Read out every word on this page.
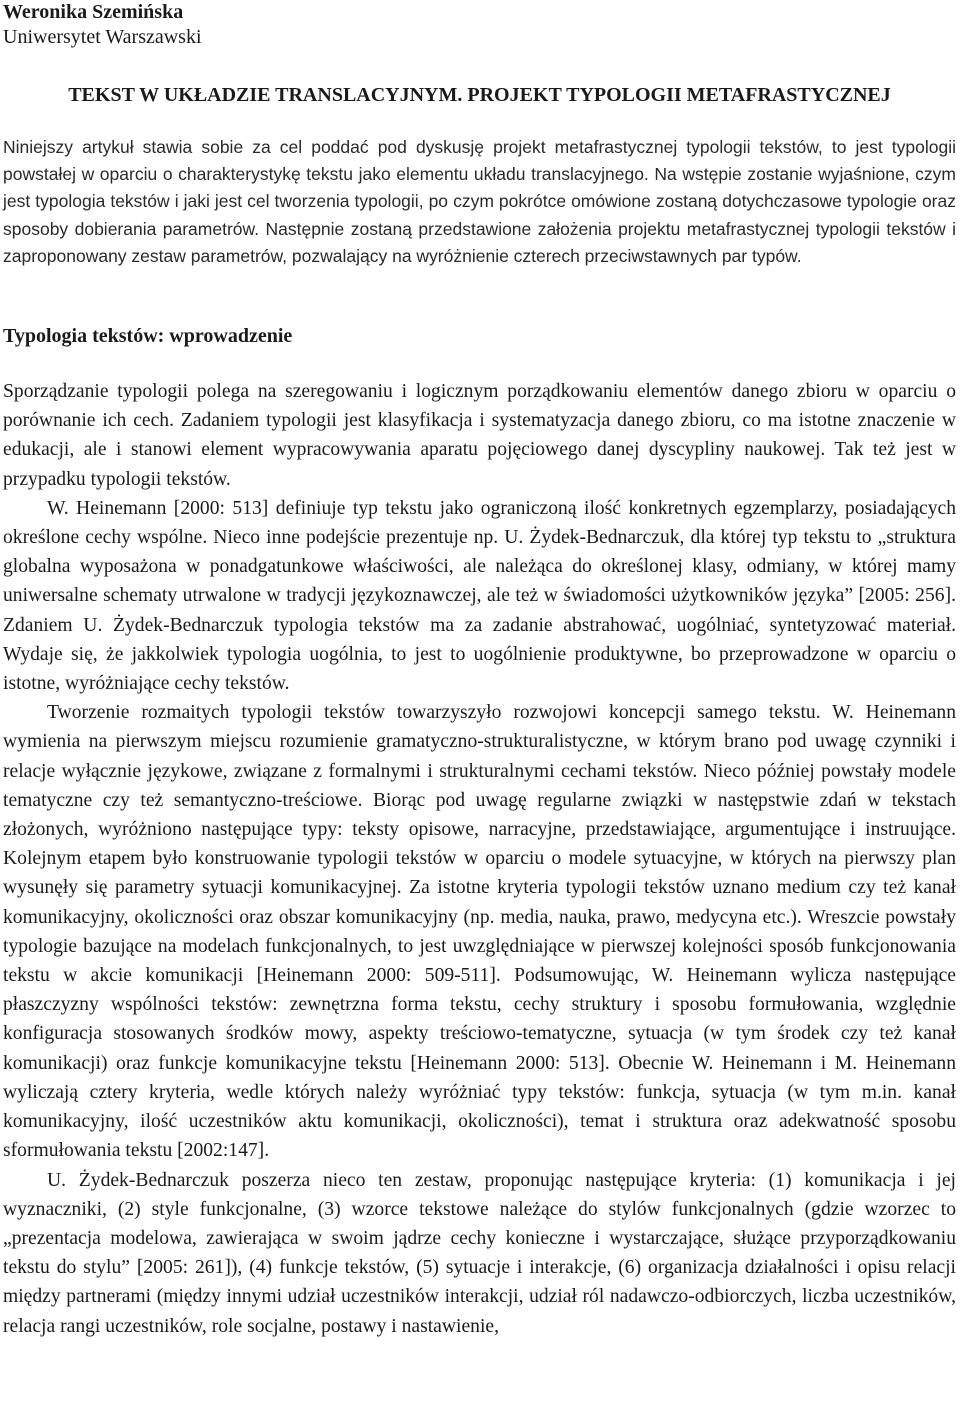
Weronika Szemińska
Uniwersytet Warszawski
TEKST W UKŁADZIE TRANSLACYJNYM. PROJEKT TYPOLOGII METAFRASTYCZNEJ
Niniejszy artykuł stawia sobie za cel poddać pod dyskusję projekt metafrastycznej typologii tekstów, to jest typologii powstałej w oparciu o charakterystykę tekstu jako elementu układu translacyjnego. Na wstępie zostanie wyjaśnione, czym jest typologia tekstów i jaki jest cel tworzenia typologii, po czym pokrótce omówione zostaną dotychczasowe typologie oraz sposoby dobierania parametrów. Następnie zostaną przedstawione założenia projektu metafrastycznej typologii tekstów i zaproponowany zestaw parametrów, pozwalający na wyróżnienie czterech przeciwstawnych par typów.
Typologia tekstów: wprowadzenie

Sporządzanie typologii polega na szeregowaniu i logicznym porządkowaniu elementów danego zbioru w oparciu o porównanie ich cech. Zadaniem typologii jest klasyfikacja i systematyzacja danego zbioru, co ma istotne znaczenie w edukacji, ale i stanowi element wypracowywania aparatu pojęciowego danej dyscypliny naukowej. Tak też jest w przypadku typologii tekstów.

W. Heinemann [2000: 513] definiuje typ tekstu jako ograniczoną ilość konkretnych egzemplarzy, posiadających określone cechy wspólne. Nieco inne podejście prezentuje np. U. Żydek-Bednarczuk, dla której typ tekstu to „struktura globalna wyposażona w ponadgatunkowe właściwości, ale należąca do określonej klasy, odmiany, w której mamy uniwersalne schematy utrwalone w tradycji językoznawczej, ale też w świadomości użytkowników języka” [2005: 256]. Zdaniem U. Żydek-Bednarczuk typologia tekstów ma za zadanie abstrahować, uogólniać, syntetyzować materiał. Wydaje się, że jakkolwiek typologia uogólnia, to jest to uogólnienie produktywne, bo przeprowadzone w oparciu o istotne, wyróżniające cechy tekstów.

Tworzenie rozmaitych typologii tekstów towarzyszyło rozwojowi koncepcji samego tekstu. W. Heinemann wymienia na pierwszym miejscu rozumienie gramatyczno-strukturalistyczne, w którym brano pod uwagę czynniki i relacje wyłącznie językowe, związane z formalnymi i strukturalnymi cechami tekstów. Nieco później powstały modele tematyczne czy też semantyczno-treściowe. Biorąc pod uwagę regularne związki w następstwie zdań w tekstach złożonych, wyróżniono następujące typy: teksty opisowe, narracyjne, przedstawiające, argumentujące i instruujące. Kolejnym etapem było konstruowanie typologii tekstów w oparciu o modele sytuacyjne, w których na pierwszy plan wysunęły się parametry sytuacji komunikacyjnej. Za istotne kryteria typologii tekstów uznano medium czy też kanał komunikacyjny, okoliczności oraz obszar komunikacyjny (np. media, nauka, prawo, medycyna etc.). Wreszcie powstały typologie bazujące na modelach funkcjonalnych, to jest uwzględniające w pierwszej kolejności sposób funkcjonowania tekstu w akcie komunikacji [Heinemann 2000: 509-511]. Podsumowując, W. Heinemann wylicza następujące płaszczyzny wspólności tekstów: zewnętrzna forma tekstu, cechy struktury i sposobu formułowania, względnie konfiguracja stosowanych środków mowy, aspekty treściowo-tematyczne, sytuacja (w tym środek czy też kanał komunikacji) oraz funkcje komunikacyjne tekstu [Heinemann 2000: 513]. Obecnie W. Heinemann i M. Heinemann wyliczają cztery kryteria, wedle których należy wyróżniać typy tekstów: funkcja, sytuacja (w tym m.in. kanał komunikacyjny, ilość uczestników aktu komunikacji, okoliczności), temat i struktura oraz adekwatność sposobu sformułowania tekstu [2002:147].

U. Żydek-Bednarczuk poszerza nieco ten zestaw, proponując następujące kryteria: (1) komunikacja i jej wyznaczniki, (2) style funkcjonalne, (3) wzorce tekstowe należące do stylów funkcjonalnych (gdzie wzorzec to „prezentacja modelowa, zawierająca w swoim jądrze cechy konieczne i wystarczające, służące przyporządkowaniu tekstu do stylu” [2005: 261]), (4) funkcje tekstów, (5) sytuacje i interakcje, (6) organizacja działalności i opisu relacji między partnerami (między innymi udział uczestników interakcji, udział ról nadawczo-odbiorczych, liczba uczestników, relacja rangi uczestników, role socjalne, postawy i nastawienie,
